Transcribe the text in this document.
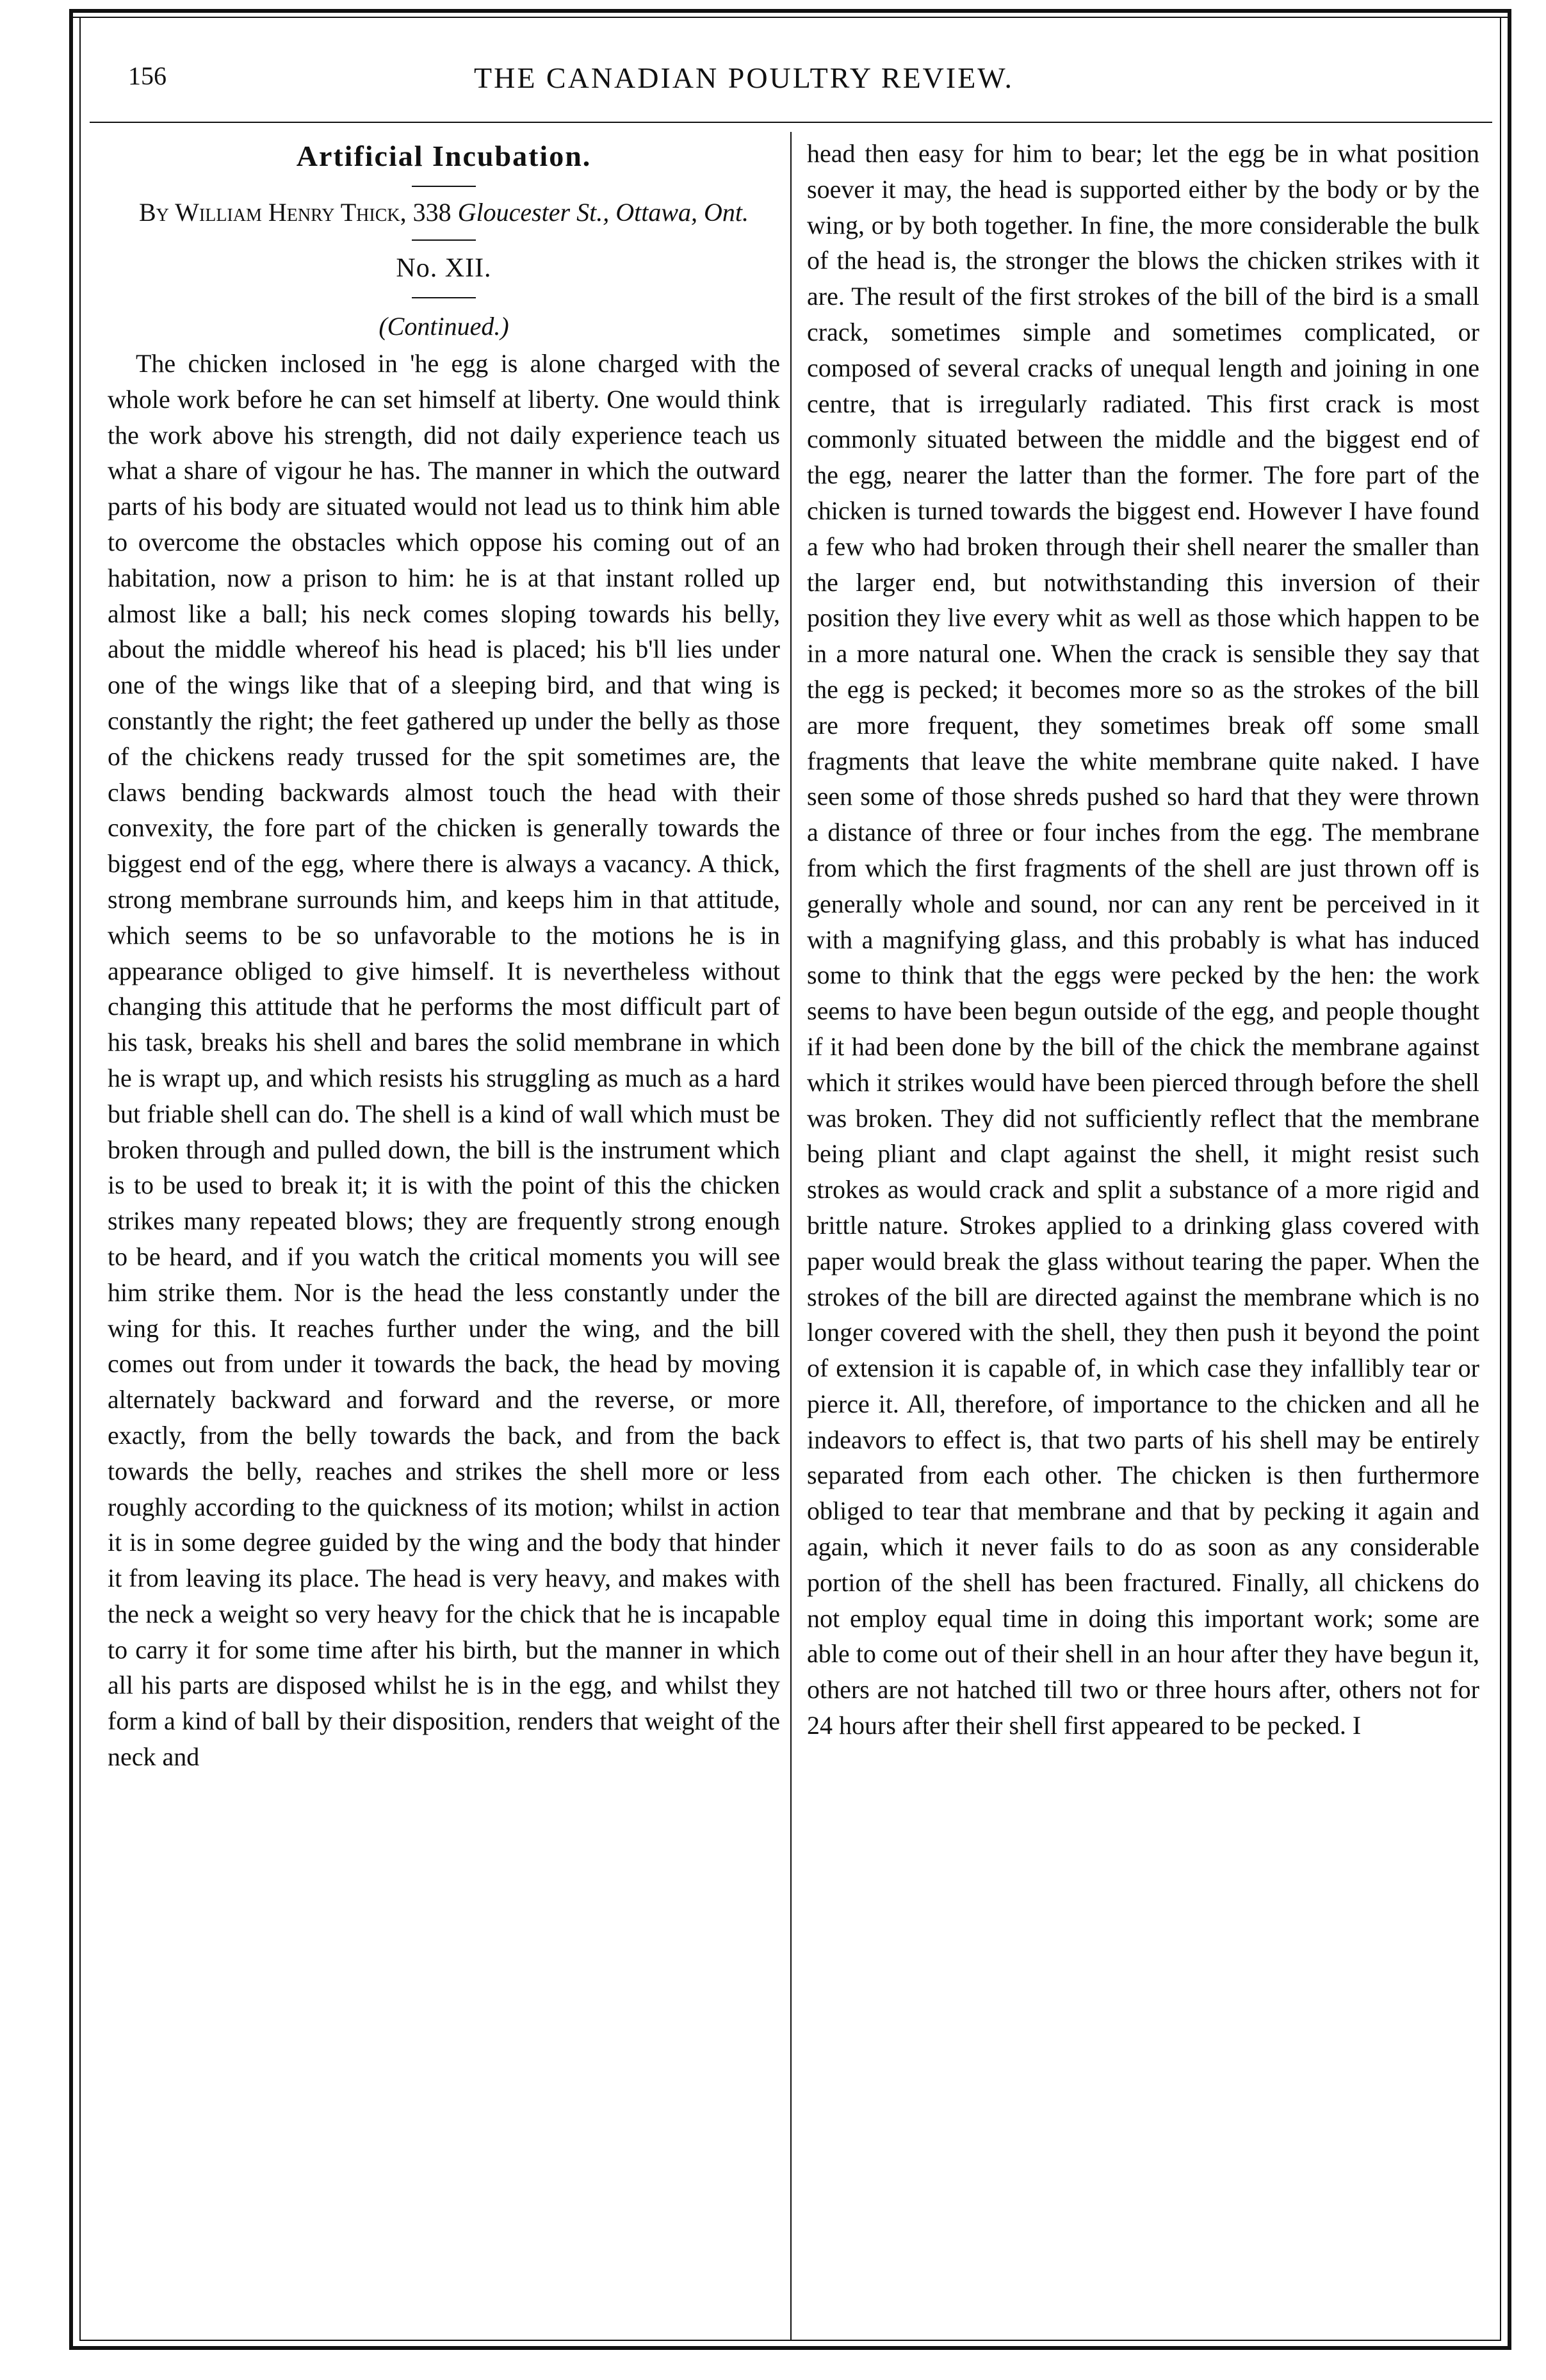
156	THE CANADIAN POULTRY REVIEW.
Artificial Incubation.

By William Henry Thick, 338 Gloucester St., Ottawa, Ont.

No. XII.

(Continued.)

The chicken inclosed in 'he egg is alone charged with the whole work before he can set himself at liberty. One would think the work above his strength, did not daily experience teach us what a share of vigour he has. The manner in which the outward parts of his body are situated would not lead us to think him able to overcome the obstacles which oppose his coming out of an habitation, now a prison to him: he is at that instant rolled up almost like a ball; his neck comes sloping towards his belly, about the middle whereof his head is placed; his b'll lies under one of the wings like that of a sleeping bird, and that wing is constantly the right; the feet gathered up under the belly as those of the chickens ready trussed for the spit sometimes are, the claws bending backwards almost touch the head with their convexity, the fore part of the chicken is generally towards the biggest end of the egg, where there is always a vacancy. A thick, strong membrane surrounds him, and keeps him in that attitude, which seems to be so unfavorable to the motions he is in appearance obliged to give himself. It is nevertheless without changing this attitude that he performs the most difficult part of his task, breaks his shell and bares the solid membrane in which he is wrapt up, and which resists his struggling as much as a hard but friable shell can do. The shell is a kind of wall which must be broken through and pulled down, the bill is the instrument which is to be used to break it; it is with the point of this the chicken strikes many repeated blows; they are frequently strong enough to be heard, and if you watch the critical moments you will see him strike them. Nor is the head the less constantly under the wing for this. It reaches further under the wing, and the bill comes out from under it towards the back, the head by moving alternately backward and forward and the reverse, or more exactly, from the belly towards the back, and from the back towards the belly, reaches and strikes the shell more or less roughly according to the quickness of its motion; whilst in action it is in some degree guided by the wing and the body that hinder it from leaving its place. The head is very heavy, and makes with the neck a weight so very heavy for the chick that he is incapable to carry it for some time after his birth, but the manner in which all his parts are disposed whilst he is in the egg, and whilst they form a kind of ball by their disposition, renders that weight of the neck and

head then easy for him to bear; let the egg be in what position soever it may, the head is supported either by the body or by the wing, or by both together. In fine, the more considerable the bulk of the head is, the stronger the blows the chicken strikes with it are. The result of the first strokes of the bill of the bird is a small crack, sometimes simple and sometimes complicated, or composed of several cracks of unequal length and joining in one centre, that is irregularly radiated. This first crack is most commonly situated between the middle and the biggest end of the egg, nearer the latter than the former. The fore part of the chicken is turned towards the biggest end. However I have found a few who had broken through their shell nearer the smaller than the larger end, but notwithstanding this inversion of their position they live every whit as well as those which happen to be in a more natural one. When the crack is sensible they say that the egg is pecked; it becomes more so as the strokes of the bill are more frequent, they sometimes break off some small fragments that leave the white membrane quite naked. I have seen some of those shreds pushed so hard that they were thrown a distance of three or four inches from the egg. The membrane from which the first fragments of the shell are just thrown off is generally whole and sound, nor can any rent be perceived in it with a magnifying glass, and this probably is what has induced some to think that the eggs were pecked by the hen: the work seems to have been begun outside of the egg, and people thought if it had been done by the bill of the chick the membrane against which it strikes would have been pierced through before the shell was broken. They did not sufficiently reflect that the membrane being pliant and clapt against the shell, it might resist such strokes as would crack and split a substance of a more rigid and brittle nature. Strokes applied to a drinking glass covered with paper would break the glass without tearing the paper. When the strokes of the bill are directed against the membrane which is no longer covered with the shell, they then push it beyond the point of extension it is capable of, in which case they infallibly tear or pierce it. All, therefore, of importance to the chicken and all he indeavors to effect is, that two parts of his shell may be entirely separated from each other. The chicken is then furthermore obliged to tear that membrane and that by pecking it again and again, which it never fails to do as soon as any considerable portion of the shell has been fractured. Finally, all chickens do not employ equal time in doing this important work; some are able to come out of their shell in an hour after they have begun it, others are not hatched till two or three hours after, others not for 24 hours after their shell first appeared to be pecked. I
